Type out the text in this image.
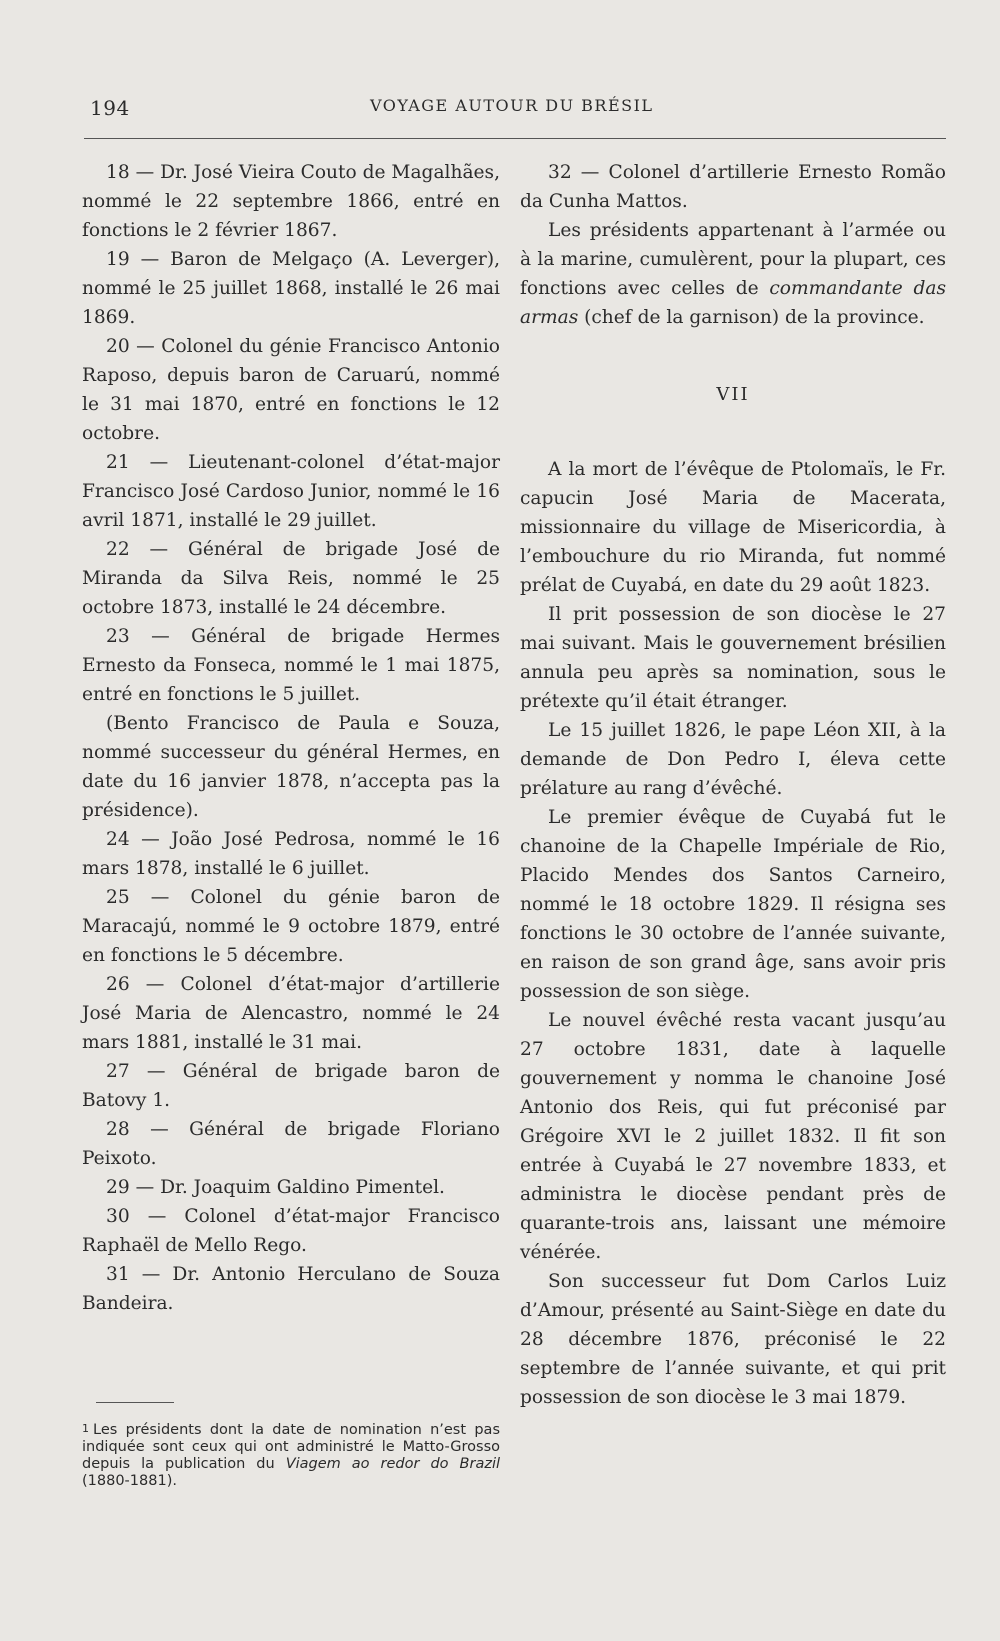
194	VOYAGE AUTOUR DU BRÉSIL

18 — Dr. José Vieira Couto de Magalhães, nommé le 22 septembre 1866, entré en fonctions le 2 février 1867.

19 — Baron de Melgaço (A. Leverger), nommé le 25 juillet 1868, installé le 26 mai 1869.

20 — Colonel du génie Francisco Antonio Raposo, depuis baron de Caruarú, nommé le 31 mai 1870, entré en fonctions le 12 octobre.

21 — Lieutenant-colonel d’état-major Francisco José Cardoso Junior, nommé le 16 avril 1871, installé le 29 juillet.

22 — Général de brigade José de Miranda da Silva Reis, nommé le 25 octobre 1873, installé le 24 décembre.

23 — Général de brigade Hermes Ernesto da Fonseca, nommé le 1 mai 1875, entré en fonctions le 5 juillet.

(Bento Francisco de Paula e Souza, nommé successeur du général Hermes, en date du 16 janvier 1878, n’accepta pas la présidence).

24 — João José Pedrosa, nommé le 16 mars 1878, installé le 6 juillet.

25 — Colonel du génie baron de Maracajú, nommé le 9 octobre 1879, entré en fonctions le 5 décembre.

26 — Colonel d’état-major d’artillerie José Maria de Alencastro, nommé le 24 mars 1881, installé le 31 mai.

27 — Général de brigade baron de Batovy 1.

28 — Général de brigade Floriano Peixoto.

29 — Dr. Joaquim Galdino Pimentel.

30 — Colonel d’état-major Francisco Raphaël de Mello Rego.

31 — Dr. Antonio Herculano de Souza Bandeira.

32 — Colonel d’artillerie Ernesto Romão da Cunha Mattos.

Les présidents appartenant à l’armée ou à la marine, cumulèrent, pour la plupart, ces fonctions avec celles de commandante das armas (chef de la garnison) de la province.

VII

A la mort de l’évêque de Ptolomaïs, le Fr. capucin José Maria de Macerata, missionnaire du village de Misericordia, à l’embouchure du rio Miranda, fut nommé prélat de Cuyabá, en date du 29 août 1823.

Il prit possession de son diocèse le 27 mai suivant. Mais le gouvernement brésilien annula peu après sa nomination, sous le prétexte qu’il était étranger.

Le 15 juillet 1826, le pape Léon XII, à la demande de Don Pedro I, éleva cette prélature au rang d’évêché.

Le premier évêque de Cuyabá fut le chanoine de la Chapelle Impériale de Rio, Placido Mendes dos Santos Carneiro, nommé le 18 octobre 1829. Il résigna ses fonctions le 30 octobre de l’année suivante, en raison de son grand âge, sans avoir pris possession de son siège.

Le nouvel évêché resta vacant jusqu’au 27 octobre 1831, date à laquelle gouvernement y nomma le chanoine José Antonio dos Reis, qui fut préconisé par Grégoire XVI le 2 juillet 1832. Il fit son entrée à Cuyabá le 27 novembre 1833, et administra le diocèse pendant près de quarante-trois ans, laissant une mémoire vénérée.

Son successeur fut Dom Carlos Luiz d’Amour, présenté au Saint-Siège en date du 28 décembre 1876, préconisé le 22 septembre de l’année suivante, et qui prit possession de son diocèse le 3 mai 1879.

1 Les présidents dont la date de nomination n’est pas indiquée sont ceux qui ont administré le Matto-Grosso depuis la publication du Viagem ao redor do Brazil (1880-1881).
